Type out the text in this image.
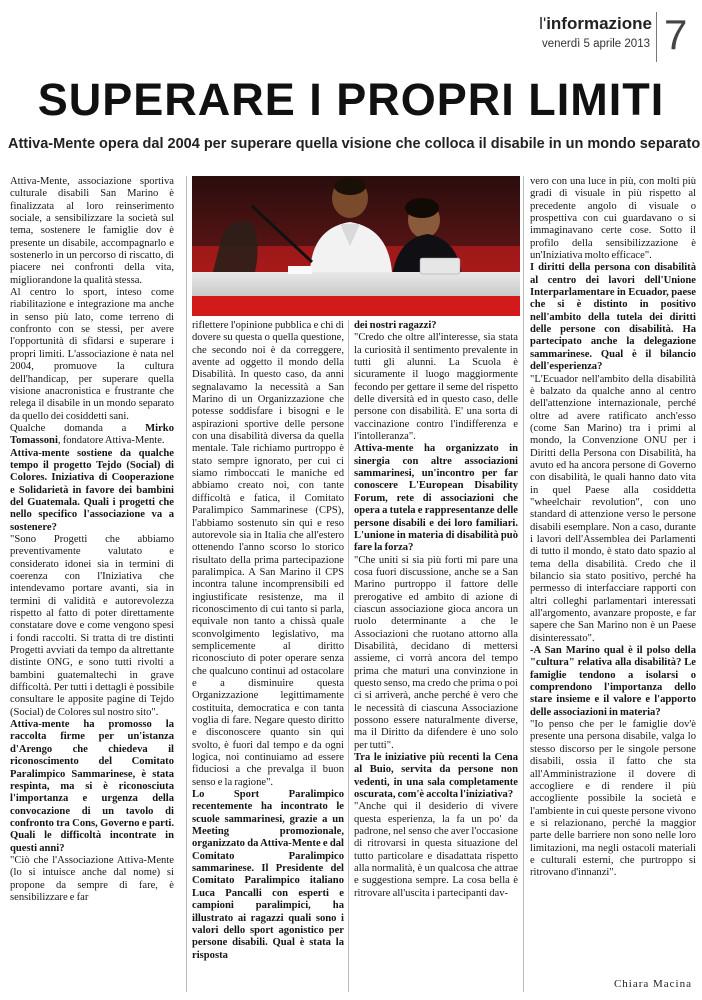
l'informazione
venerdì 5 aprile 2013 7
SUPERARE I PROPRI LIMITI
Attiva-Mente opera dal 2004 per superare quella visione che colloca il disabile in un mondo separato

Attiva-Mente, associazione sportiva culturale disabili San Marino è finalizzata al loro reinserimento sociale, a sensibilizzare la società sul tema, sostenere le famiglie dov è presente un disabile, accompagnarlo e sostenerlo in un percorso di riscatto, di piacere nei confronti della vita, migliorandone la qualità stessa.

Al centro lo sport, inteso come riabilitazione e integrazione ma anche in senso più lato, come terreno di confronto con se stessi, per avere l'opportunità di sfidarsi e superare i propri limiti. L'associazione è nata nel 2004, promuove la cultura dell'handicap, per superare quella visione anacronistica e frustrante che relega il disabile in un mondo separato da quello dei cosiddetti sani.

Qualche domanda a Mirko Tomassoni, fondatore Attiva-Mente.

Attiva-mente sostiene da qualche tempo il progetto Tejdo (Social) di Colores. Iniziativa di Cooperazione e Solidarietà in favore dei bambini del Guatemala. Quali i progetti che nello specifico l'associazione va a sostenere?

"Sono Progetti che abbiamo preventivamente valutato e considerato idonei sia in termini di coerenza con l'Iniziativa che intendevamo portare avanti, sia in termini di validità e autorevolezza rispetto al fatto di poter direttamente constatare dove e come vengono spesi i fondi raccolti. Si tratta di tre distinti Progetti avviati da tempo da altrettante distinte ONG, e sono tutti rivolti a bambini guatemaltechi in grave difficoltà. Per tutti i dettagli è possibile consultare le apposite pagine di Tejdo (Social) de Colores sul nostro sito".

Attiva-mente ha promosso la raccolta firme per un'istanza d'Arengo che chiedeva il riconoscimento del Comitato Paralimpico Sammarinese, è stata respinta, ma si è riconosciuta l'importanza e urgenza della convocazione di un tavolo di confronto tra Cons, Governo e parti. Quali le difficoltà incontrate in questi anni?

"Ciò che l'Associazione Attiva-Mente (lo si intuisce anche dal nome) si propone da sempre di fare, è sensibilizzare e far

riflettere l'opinione pubblica e chi di dovere su questa o quella questione, che secondo noi è da correggere, avente ad oggetto il mondo della Disabilità. In questo caso, da anni segnalavamo la necessità a San Marino di un Organizzazione che potesse soddisfare i bisogni e le aspirazioni sportive delle persone con una disabilità diversa da quella mentale. Tale richiamo purtroppo è stato sempre ignorato, per cui ci siamo rimboccati le maniche ed abbiamo creato noi, con tante difficoltà e fatica, il Comitato Paralimpico Sammarinese (CPS), l'abbiamo sostenuto sin qui e reso autorevole sia in Italia che all'estero ottenendo l'anno scorso lo storico risultato della prima partecipazione paralimpica. A San Marino il CPS incontra talune incomprensibili ed ingiustificate resistenze, ma il riconoscimento di cui tanto si parla, equivale non tanto a chissà quale sconvolgimento legislativo, ma semplicemente al diritto riconosciuto di poter operare senza che qualcuno continui ad ostacolare e a disminuire questa Organizzazione legittimamente costituita, democratica e con tanta voglia di fare. Negare questo diritto e disconoscere quanto sin qui svolto, è fuori dal tempo e da ogni logica, noi continuiamo ad essere fiduciosi a che prevalga il buon senso e la ragione".

Lo Sport Paralimpico recentemente ha incontrato le scuole sammarinesi, grazie a un Meeting promozionale, organizzato da Attiva-Mente e dal Comitato Paralimpico sammarinese. Il Presidente del Comitato Paralimpico italiano Luca Pancalli con esperti e campioni paralimpici, ha illustrato ai ragazzi quali sono i valori dello sport agonistico per persone disabili. Qual è stata la risposta

dei nostri ragazzi?

"Credo che oltre all'interesse, sia stata la curiosità il sentimento prevalente in tutti gli alunni. La Scuola è sicuramente il luogo maggiormente fecondo per gettare il seme del rispetto delle diversità ed in questo caso, delle persone con disabilità. E' una sorta di vaccinazione contro l'indifferenza e l'intolleranza".

Attiva-mente ha organizzato in sinergia con altre associazioni sammarinesi, un'incontro per far conoscere L'European Disability Forum, rete di associazioni che opera a tutela e rappresentanze delle persone disabili e dei loro familiari. L'unione in materia di disabilità può fare la forza?

"Che uniti si sia più forti mi pare una cosa fuori discussione, anche se a San Marino purtroppo il fattore delle prerogative ed ambito di azione di ciascun associazione gioca ancora un ruolo determinante a che le Associazioni che ruotano attorno alla Disabilità, decidano di mettersi assieme, ci vorrà ancora del tempo prima che maturi una convinzione in questo senso, ma credo che prima o poi ci si arriverà, anche perché è vero che le necessità di ciascuna Associazione possono essere naturalmente diverse, ma il Diritto da difendere è uno solo per tutti".

Tra le iniziative più recenti la Cena al Buio, servita da persone non vedenti, in una sala completamente oscurata, com'è accolta l'iniziativa?

"Anche qui il desiderio di vivere questa esperienza, la fa un po' da padrone, nel senso che aver l'occasione di ritrovarsi in questa situazione del tutto particolare e disadattata rispetto alla normalità, è un qualcosa che attrae e suggestiona sempre. La cosa bella è ritrovare all'uscita i partecipanti dav-

vero con una luce in più, con molti più gradi di visuale in più rispetto al precedente angolo di visuale o prospettiva con cui guardavano o si immaginavano certe cose. Sotto il profilo della sensibilizzazione è un'Iniziativa molto efficace".

I diritti della persona con disabilità al centro dei lavori dell'Unione Interparlamentare in Ecuador, paese che si è distinto in positivo nell'ambito della tutela dei diritti delle persone con disabilità. Ha partecipato anche la delegazione sammarinese. Qual è il bilancio dell'esperienza?

"L'Ecuador nell'ambito della disabilità è balzato da qualche anno al centro dell'attenzione internazionale, perché oltre ad avere ratificato anch'esso (come San Marino) tra i primi al mondo, la Convenzione ONU per i Diritti della Persona con Disabilità, ha avuto ed ha ancora persone di Governo con disabilità, le quali hanno dato vita in quel Paese alla cosiddetta "wheelchair revolution", con uno standard di attenzione verso le persone disabili esemplare. Non a caso, durante i lavori dell'Assemblea dei Parlamenti di tutto il mondo, è stato dato spazio al tema della disabilità. Credo che il bilancio sia stato positivo, perché ha permesso di interfacciare rapporti con altri colleghi parlamentari interessati all'argomento, avanzare proposte, e far sapere che San Marino non è un Paese disinteressato".

-A San Marino qual è il polso della "cultura" relativa alla disabilità? Le famiglie tendono a isolarsi o comprendono l'importanza dello stare insieme e il valore e l'apporto delle associazioni in materia?

"Io penso che per le famiglie dov'è presente una persona disabile, valga lo stesso discorso per le singole persone disabili, ossia il fatto che sta all'Amministrazione il dovere di accogliere e di rendere il più accogliente possibile la società e l'ambiente in cui queste persone vivono e si relazionano, perché la maggior parte delle barriere non sono nelle loro limitazioni, ma negli ostacoli materiali e culturali esterni, che purtroppo si ritrovano d'innanzi".

Chiara Macina
